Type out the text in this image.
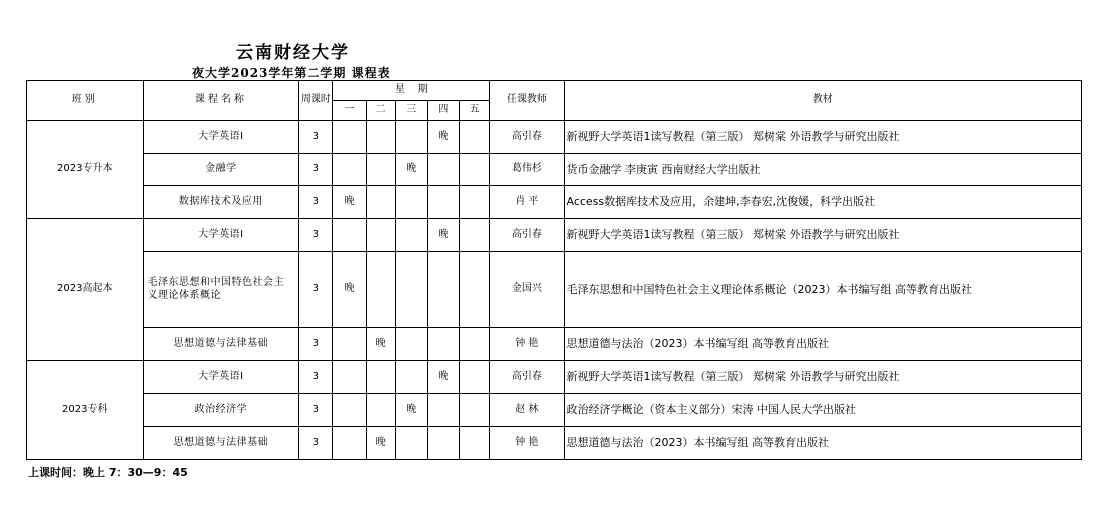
云南财经大学
夜大学2023学年第二学期 课程表
班别	课程名称	周课时	星    期					任课教师	教材
			一	二	三	四	五		
2023专升本	大学英语Ⅰ	3				晚		高引春	新视野大学英语1读写教程（第三版） 郑树棠 外语教学与研究出版社
	金融学	3			晚			葛伟杉	货币金融学 李庚寅 西南财经大学出版社
	数据库技术及应用	3	晚					肖 平	Access数据库技术及应用，余建坤,李春宏,沈俊媛，科学出版社
2023高起本	大学英语Ⅰ	3				晚		高引春	新视野大学英语1读写教程（第三版） 郑树棠 外语教学与研究出版社
	毛泽东思想和中国特色社会主义理论体系概论	3	晚					金国兴	毛泽东思想和中国特色社会主义理论体系概论（2023）本书编写组 高等教育出版社
	思想道德与法律基础	3		晚				钟 艳	思想道德与法治（2023）本书编写组 高等教育出版社
2023专科	大学英语Ⅰ	3				晚		高引春	新视野大学英语1读写教程（第三版） 郑树棠 外语教学与研究出版社
	政治经济学	3			晚			赵 林	政治经济学概论（资本主义部分）宋涛 中国人民大学出版社
	思想道德与法律基础	3		晚				钟 艳	思想道德与法治（2023）本书编写组 高等教育出版社
上课时间：晚上 7：30—9：45
